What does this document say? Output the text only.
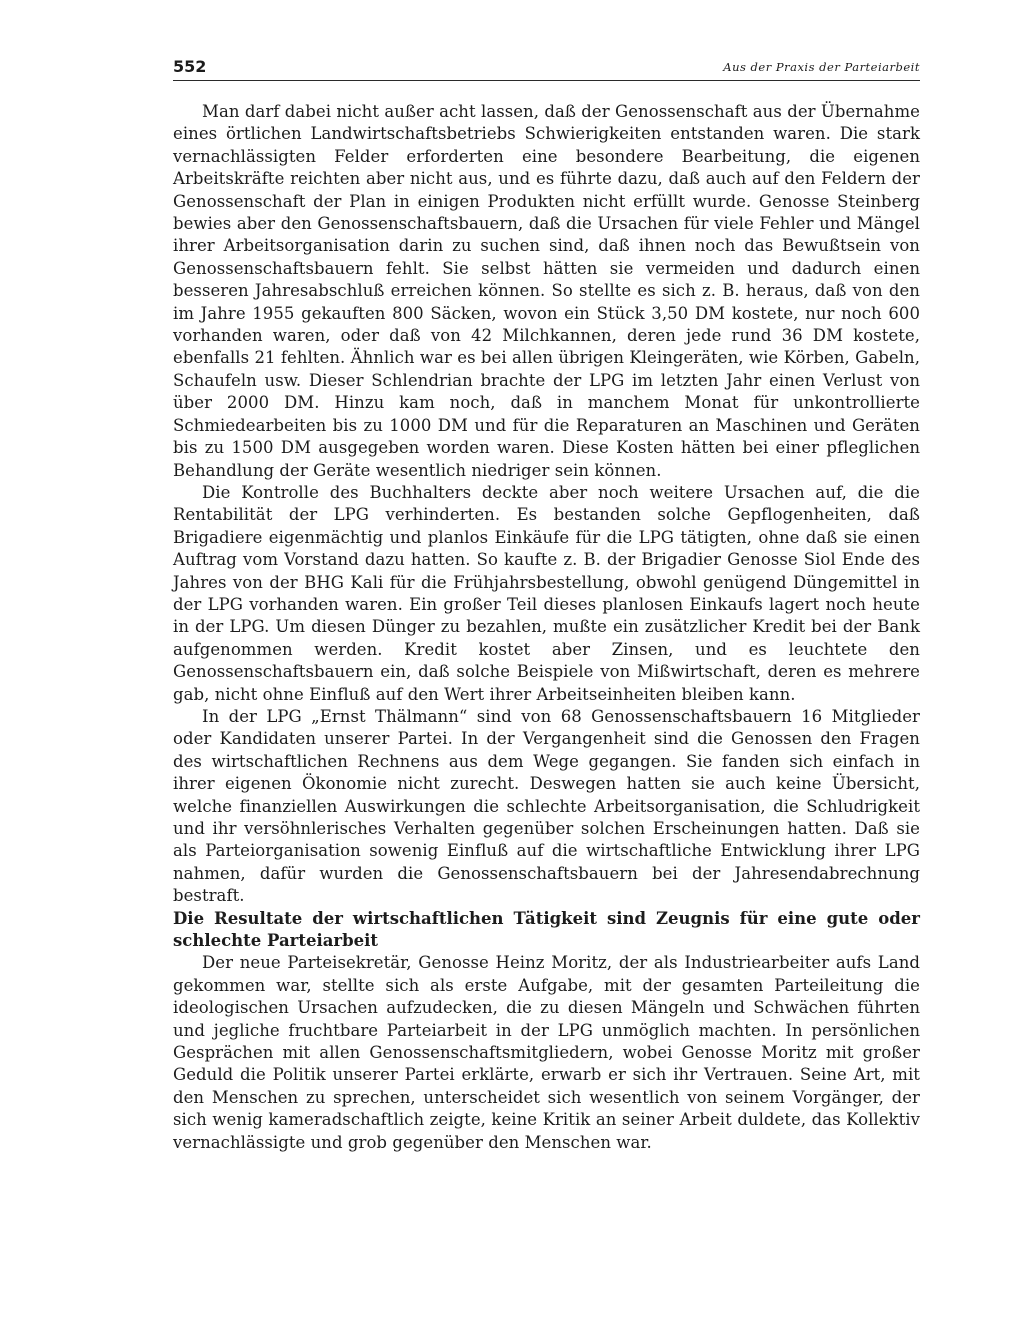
552	Aus der Praxis der Parteiarbeit

Man darf dabei nicht außer acht lassen, daß der Genossenschaft aus der Übernahme eines örtlichen Landwirtschaftsbetriebs Schwierigkeiten entstanden waren. Die stark vernachlässigten Felder erforderten eine besondere Bearbeitung, die eigenen Arbeitskräfte reichten aber nicht aus, und es führte dazu, daß auch auf den Feldern der Genossenschaft der Plan in einigen Produkten nicht erfüllt wurde. Genosse Steinberg bewies aber den Genossenschaftsbauern, daß die Ursachen für viele Fehler und Mängel ihrer Arbeitsorganisation darin zu suchen sind, daß ihnen noch das Bewußtsein von Genossenschaftsbauern fehlt. Sie selbst hätten sie vermeiden und dadurch einen besseren Jahresabschluß erreichen können. So stellte es sich z. B. heraus, daß von den im Jahre 1955 gekauften 800 Säcken, wovon ein Stück 3,50 DM kostete, nur noch 600 vorhanden waren, oder daß von 42 Milchkannen, deren jede rund 36 DM kostete, ebenfalls 21 fehlten. Ähnlich war es bei allen übrigen Kleingeräten, wie Körben, Gabeln, Schaufeln usw. Dieser Schlendrian brachte der LPG im letzten Jahr einen Verlust von über 2000 DM. Hinzu kam noch, daß in manchem Monat für unkontrollierte Schmiedearbeiten bis zu 1000 DM und für die Reparaturen an Maschinen und Geräten bis zu 1500 DM ausgegeben worden waren. Diese Kosten hätten bei einer pfleglichen Behandlung der Geräte wesentlich niedriger sein können.

Die Kontrolle des Buchhalters deckte aber noch weitere Ursachen auf, die die Rentabilität der LPG verhinderten. Es bestanden solche Gepflogenheiten, daß Brigadiere eigenmächtig und planlos Einkäufe für die LPG tätigten, ohne daß sie einen Auftrag vom Vorstand dazu hatten. So kaufte z. B. der Brigadier Genosse Siol Ende des Jahres von der BHG Kali für die Frühjahrsbestellung, obwohl genügend Düngemittel in der LPG vorhanden waren. Ein großer Teil dieses planlosen Einkaufs lagert noch heute in der LPG. Um diesen Dünger zu bezahlen, mußte ein zusätzlicher Kredit bei der Bank aufgenommen werden. Kredit kostet aber Zinsen, und es leuchtete den Genossenschaftsbauern ein, daß solche Beispiele von Mißwirtschaft, deren es mehrere gab, nicht ohne Einfluß auf den Wert ihrer Arbeitseinheiten bleiben kann.

In der LPG „Ernst Thälmann“ sind von 68 Genossenschaftsbauern 16 Mitglieder oder Kandidaten unserer Partei. In der Vergangenheit sind die Genossen den Fragen des wirtschaftlichen Rechnens aus dem Wege gegangen. Sie fanden sich einfach in ihrer eigenen Ökonomie nicht zurecht. Deswegen hatten sie auch keine Übersicht, welche finanziellen Auswirkungen die schlechte Arbeitsorganisation, die Schludrigkeit und ihr versöhnlerisches Verhalten gegenüber solchen Erscheinungen hatten. Daß sie als Parteiorganisation sowenig Einfluß auf die wirtschaftliche Entwicklung ihrer LPG nahmen, dafür wurden die Genossenschaftsbauern bei der Jahresendabrechnung bestraft.

Die Resultate der wirtschaftlichen Tätigkeit sind Zeugnis für eine gute oder schlechte Parteiarbeit

Der neue Parteisekretär, Genosse Heinz Moritz, der als Industriearbeiter aufs Land gekommen war, stellte sich als erste Aufgabe, mit der gesamten Parteileitung die ideologischen Ursachen aufzudecken, die zu diesen Mängeln und Schwächen führten und jegliche fruchtbare Parteiarbeit in der LPG unmöglich machten. In persönlichen Gesprächen mit allen Genossenschaftsmitgliedern, wobei Genosse Moritz mit großer Geduld die Politik unserer Partei erklärte, erwarb er sich ihr Vertrauen. Seine Art, mit den Menschen zu sprechen, unterscheidet sich wesentlich von seinem Vorgänger, der sich wenig kameradschaftlich zeigte, keine Kritik an seiner Arbeit duldete, das Kollektiv vernachlässigte und grob gegenüber den Menschen war.
